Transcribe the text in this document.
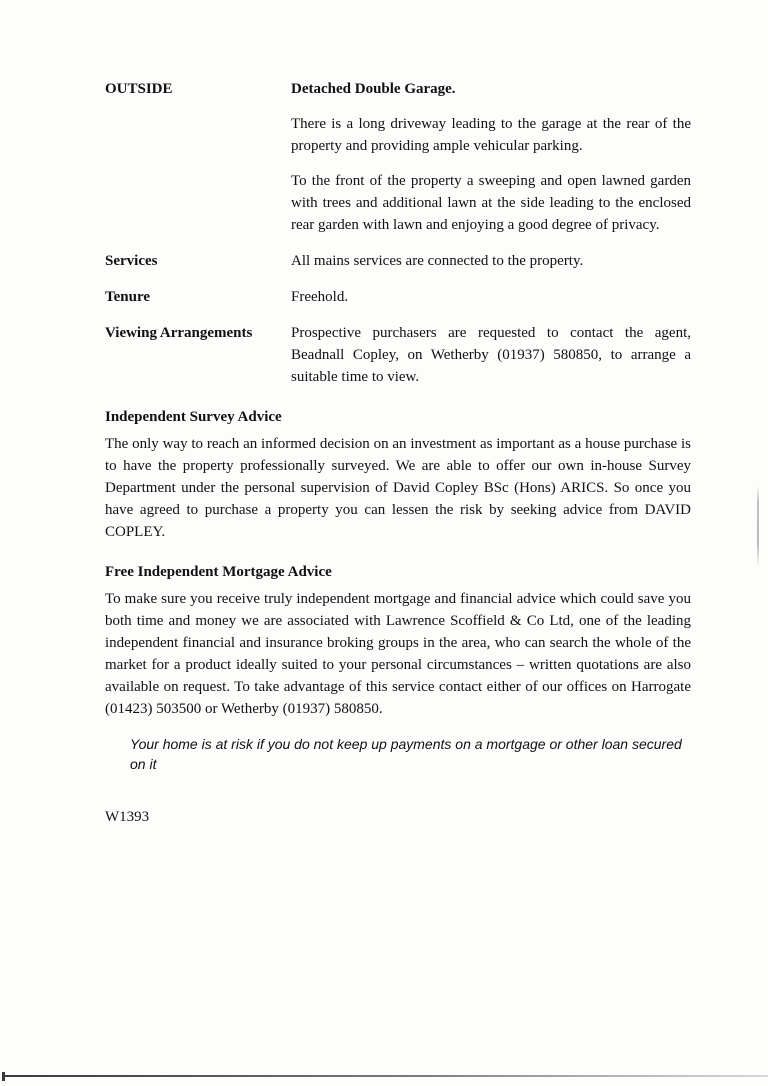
OUTSIDE	Detached Double Garage.

There is a long driveway leading to the garage at the rear of the property and providing ample vehicular parking.

To the front of the property a sweeping and open lawned garden with trees and additional lawn at the side leading to the enclosed rear garden with lawn and enjoying a good degree of privacy.

Services	All mains services are connected to the property.

Tenure	Freehold.

Viewing Arrangements	Prospective purchasers are requested to contact the agent, Beadnall Copley, on Wetherby (01937) 580850, to arrange a suitable time to view.

Independent Survey Advice

The only way to reach an informed decision on an investment as important as a house purchase is to have the property professionally surveyed. We are able to offer our own in-house Survey Department under the personal supervision of David Copley BSc (Hons) ARICS. So once you have agreed to purchase a property you can lessen the risk by seeking advice from DAVID COPLEY.

Free Independent Mortgage Advice

To make sure you receive truly independent mortgage and financial advice which could save you both time and money we are associated with Lawrence Scoffield & Co Ltd, one of the leading independent financial and insurance broking groups in the area, who can search the whole of the market for a product ideally suited to your personal circumstances – written quotations are also available on request. To take advantage of this service contact either of our offices on Harrogate (01423) 503500 or Wetherby (01937) 580850.

Your home is at risk if you do not keep up payments on a mortgage or other loan secured on it

W1393
